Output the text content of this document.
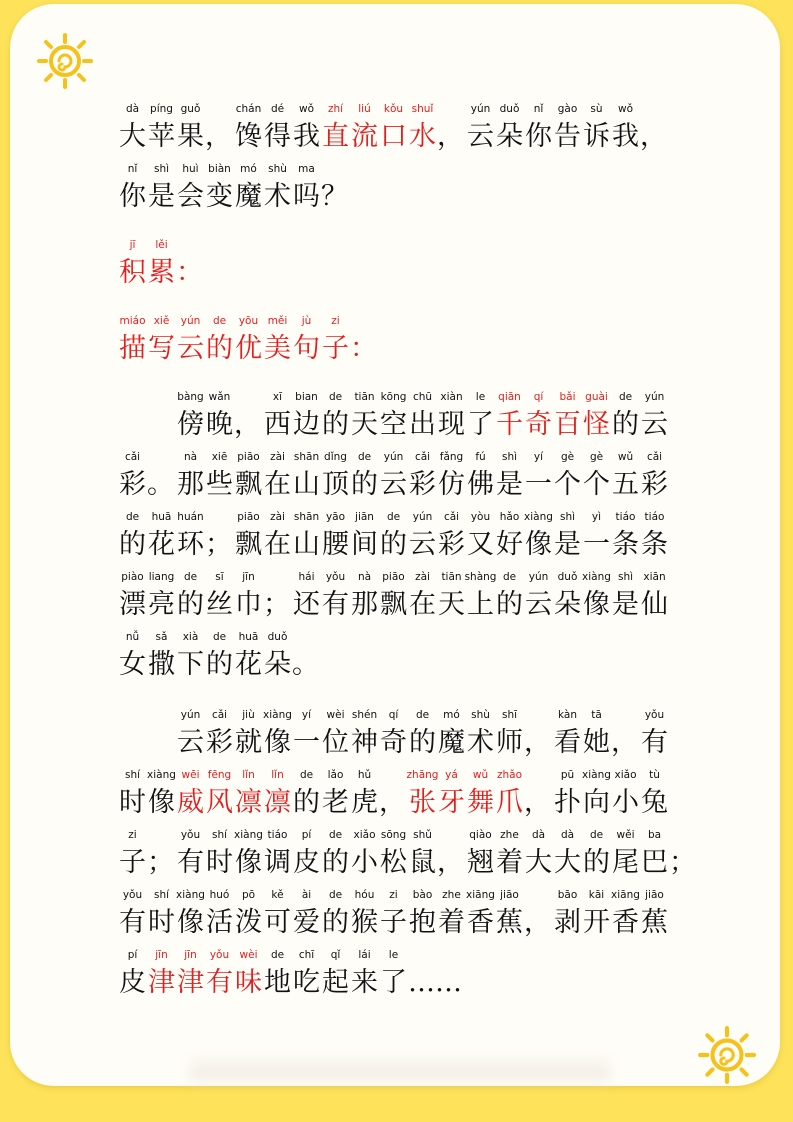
dà
大
píng
苹
guǒ
果 ，
chán
馋
dé
得
wǒ
我
zhí
直
liú
流
kǒu
口
shuǐ
水 ，
yún
云
duǒ
朵
nǐ
你
gào
告
sù
诉
wǒ
我 ，
nǐ
你
shì
是
huì
会
biàn
变
mó
魔
shù
术
ma
吗 ？
jī
积
lěi
累 ：
miáo
描
xiě
写
yún
云
de
的
yōu
优
měi
美
jù
句
zi
子 ：
bàng
傍
wǎn
晚 ，
xī
西
bian
边
de
的
tiān
天
kōng
空
chū
出
xiàn
现
le
了
qiān
千
qí
奇
bǎi
百
guài
怪
de
的
yún
云
cǎi
彩 。
nà
那
xiē
些
piāo
飘
zài
在
shān
山
dǐng
顶
de
的
yún
云
cǎi
彩
fǎng
仿
fú
佛
shì
是
yí
一
gè
个
gè
个
wǔ
五
cǎi
彩
de
的
huā
花
huán
环 ；
piāo
飘
zài
在
shān
山
yāo
腰
jiān
间
de
的
yún
云
cǎi
彩
yòu
又
hǎo
好
xiàng
像
shì
是
yì
一
tiáo
条
tiáo
条
piào
漂
liang
亮
de
的
sī
丝
jīn
巾 ；
hái
还
yǒu
有
nà
那
piāo
飘
zài
在
tiān
天
shàng
上
de
的
yún
云
duǒ
朵
xiàng
像
shì
是
xiān
仙
nǚ
女
sǎ
撒
xià
下
de
的
huā
花
duǒ
朵 。
yún
云
cǎi
彩
jiù
就
xiàng
像
yí
一
wèi
位
shén
神
qí
奇
de
的
mó
魔
shù
术
shī
师 ，
kàn
看
tā
她 ，
yǒu
有
shí
时
xiàng
像
wēi
威
fēng
风
lǐn
凛
lǐn
凛
de
的
lǎo
老
hǔ
虎 ，
zhāng
张
yá
牙
wǔ
舞
zhǎo
爪 ，
pū
扑
xiàng
向
xiǎo
小
tù
兔
zi
子 ；
yǒu
有
shí
时
xiàng
像
tiáo
调
pí
皮
de
的
xiǎo
小
sōng
松
shǔ
鼠 ，
qiào
翘
zhe
着
dà
大
dà
大
de
的
wěi
尾
ba
巴 ；
yǒu
有
shí
时
xiàng
像
huó
活
pō
泼
kě
可
ài
爱
de
的
hóu
猴
zi
子
bào
抱
zhe
着
xiāng
香
jiāo
蕉 ，
bāo
剥
kāi
开
xiāng
香
jiāo
蕉
pí
皮
jīn
津
jīn
津
yǒu
有
wèi
味
de
地
chī
吃
qǐ
起
lái
来
le
了 ……
